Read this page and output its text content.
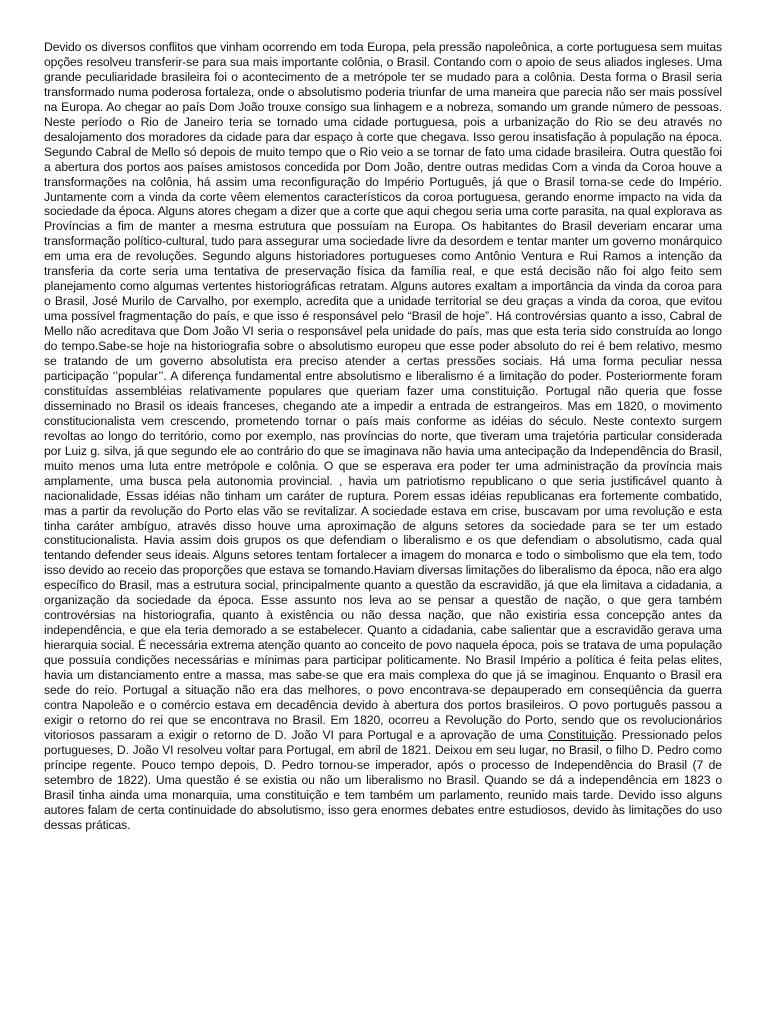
Devido os diversos conflitos que vinham ocorrendo em toda Europa, pela pressão napoleônica, a corte portuguesa sem muitas opções resolveu transferir-se para sua mais importante colônia, o Brasil. Contando com o apoio de seus aliados ingleses. Uma grande peculiaridade brasileira foi o acontecimento de a metrópole ter se mudado para a colônia. Desta forma o Brasil seria transformado numa poderosa fortaleza, onde o absolutismo poderia triunfar de uma maneira que parecia não ser mais possível na Europa. Ao chegar ao país Dom João trouxe consigo sua linhagem e a nobreza, somando um grande número de pessoas. Neste período o Rio de Janeiro teria se tornado uma cidade portuguesa, pois a urbanização do Rio se deu através no desalojamento dos moradores da cidade para dar espaço à corte que chegava. Isso gerou insatisfação à população na época. Segundo Cabral de Mello só depois de muito tempo que o Rio veio a se tornar de fato uma cidade brasileira. Outra questão foi a abertura dos portos aos países amistosos concedida por Dom João, dentre outras medidas Com a vinda da Coroa houve a transformações na colônia, há assim uma reconfiguração do Império Português, já que o Brasil torna-se cede do Império. Juntamente com a vinda da corte vêem elementos característicos da coroa portuguesa, gerando enorme impacto na vida da sociedade da época. Alguns atores chegam a dizer que a corte que aqui chegou seria uma corte parasita, na qual explorava as Províncias a fim de manter a mesma estrutura que possuíam na Europa. Os habitantes do Brasil deveriam encarar uma transformação político-cultural, tudo para assegurar uma sociedade livre da desordem e tentar manter um governo monárquico em uma era de revoluções. Segundo alguns historiadores portugueses como Antônio Ventura e Rui Ramos a intenção da transferia da corte seria uma tentativa de preservação física da família real, e que está decisão não foi algo feito sem planejamento como algumas vertentes historiográficas retratam. Alguns autores exaltam a importância da vinda da coroa para o Brasil, José Murilo de Carvalho, por exemplo, acredita que a unidade territorial se deu graças a vinda da coroa, que evitou uma possível fragmentação do país, e que isso é responsável pelo “Brasil de hoje”. Há controvérsias quanto a isso, Cabral de Mello não acreditava que Dom João VI seria o responsável pela unidade do país, mas que esta teria sido construída ao longo do tempo.Sabe-se hoje na historiografia sobre o absolutismo europeu que esse poder absoluto do rei é bem relativo, mesmo se tratando de um governo absolutista era preciso atender a certas pressões sociais. Há uma forma peculiar nessa participação ‘’popular’’. A diferença fundamental entre absolutismo e liberalismo é a limitação do poder. Posteriormente foram constituídas assembléias relativamente populares que queriam fazer uma constituição. Portugal não queria que fosse disseminado no Brasil os ideais franceses, chegando ate a impedir a entrada de estrangeiros. Mas em 1820, o movimento constitucionalista vem crescendo, prometendo tornar o país mais conforme as idéias do século. Neste contexto surgem revoltas ao longo do território, como por exemplo, nas províncias do norte, que tiveram uma trajetória particular considerada por Luiz g. silva, já que segundo ele ao contrário do que se imaginava não havia uma antecipação da Independência do Brasil, muito menos uma luta entre metrópole e colônia. O que se esperava era poder ter uma administração da província mais amplamente, uma busca pela autonomia provincial. , havia um patriotismo republicano o que seria justificável quanto à nacionalidade, Essas idéias não tinham um caráter de ruptura. Porem essas idéias republicanas era fortemente combatido, mas a partir da revolução do Porto elas vão se revitalizar. A sociedade estava em crise, buscavam por uma revolução e esta tinha caráter ambíguo, através disso houve uma aproximação de alguns setores da sociedade para se ter um estado constitucionalista. Havia assim dois grupos os que defendiam o liberalismo e os que defendiam o absolutismo, cada qual tentando defender seus ideais. Alguns setores tentam fortalecer a imagem do monarca e todo o simbolismo que ela tem, todo isso devido ao receio das proporções que estava se tomando.Haviam diversas limitações do liberalismo da época, não era algo específico do Brasil, mas a estrutura social, principalmente quanto a questão da escravidão, já que ela limitava a cidadania, a organização da sociedade da época. Esse assunto nos leva ao se pensar a questão de nação, o que gera também controvérsias na historiografia, quanto à existência ou não dessa nação, que não existiria essa concepção antes da independência, e que ela teria demorado a se estabelecer. Quanto a cidadania, cabe salientar que a escravidão gerava uma hierarquia social. É necessária extrema atenção quanto ao conceito de povo naquela época, pois se tratava de uma população que possuía condições necessárias e mínimas para participar politicamente. No Brasil Império a política é feita pelas elites, havia um distanciamento entre a massa, mas sabe-se que era mais complexa do que já se imaginou. Enquanto o Brasil era sede do reio. Portugal a situação não era das melhores, o povo encontrava-se depauperado em conseqüência da guerra contra Napoleão e o comércio estava em decadência devido à abertura dos portos brasileiros. O povo português passou a exigir o retorno do rei que se encontrava no Brasil. Em 1820, ocorreu a Revolução do Porto, sendo que os revolucionários vitoriosos passaram a exigir o retorno de D. João VI para Portugal e a aprovação de uma Constituição. Pressionado pelos portugueses, D. João VI resolveu voltar para Portugal, em abril de 1821. Deixou em seu lugar, no Brasil, o filho D. Pedro como príncipe regente. Pouco tempo depois, D. Pedro tornou-se imperador, após o processo de Independência do Brasil (7 de setembro de 1822). Uma questão é se existia ou não um liberalismo no Brasil. Quando se dá a independência em 1823 o Brasil tinha ainda uma monarquia, uma constituição e tem também um parlamento, reunido mais tarde. Devido isso alguns autores falam de certa continuidade do absolutismo, isso gera enormes debates entre estudiosos, devido às limitações do uso dessas práticas.
